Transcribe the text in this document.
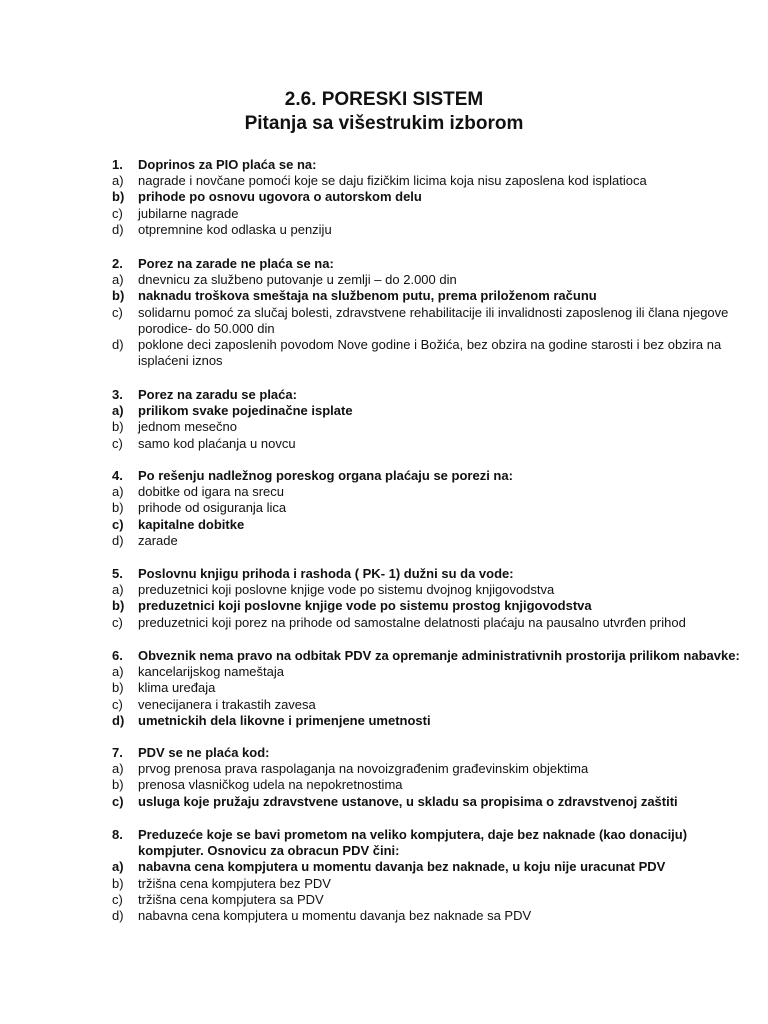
2.6. PORESKI SISTEM
Pitanja sa višestrukim izborom
1.	Doprinos za PIO plaća se na:
a)	nagrade i novčane pomoći koje se daju fizičkim licima koja nisu zaposlena kod isplatioca
b)	prihode po osnovu ugovora o autorskom delu
c)	jubilarne nagrade
d)	otpremnine kod odlaska u penziju
2.	Porez na zarade ne plaća se na:
a)	dnevnicu za službeno putovanje u zemlji – do 2.000 din
b)	naknadu troškova smeštaja na službenom putu, prema priloženom računu
c)	solidarnu pomoć za slučaj bolesti, zdravstvene rehabilitacije ili invalidnosti zaposlenog ili člana njegove porodice- do 50.000 din
d)	poklone deci zaposlenih povodom Nove godine i Božića, bez obzira na godine starosti i bez obzira na isplaćeni iznos
3.	Porez na zaradu se plaća:
a)	prilikom svake pojedinačne isplate
b)	jednom mesečno
c)	samo kod plaćanja u novcu
4.	Po rešenju nadležnog poreskog organa plaćaju se porezi na:
a)	dobitke od igara na srecu
b)	prihode od osiguranja lica
c)	kapitalne dobitke
d)	zarade
5.	Poslovnu knjigu prihoda i rashoda ( PK- 1) dužni su da vode:
a)	preduzetnici koji poslovne knjige vode po sistemu dvojnog knjigovodstva
b)	preduzetnici koji poslovne knjige vode po sistemu prostog knjigovodstva
c)	preduzetnici koji porez na prihode od samostalne delatnosti plaćaju na pausalno utvrđen prihod
6.	Obveznik nema pravo na odbitak PDV za opremanje administrativnih prostorija prilikom nabavke:
a)	kancelarijskog nameštaja
b)	klima uređaja
c)	venecijanera i trakastih zavesa
d)	umetnickih dela likovne i primenjene umetnosti
7.	PDV se ne plaća kod:
a)	prvog prenosa prava raspolaganja na novoizgrađenim građevinskim objektima
b)	prenosa vlasničkog udela na nepokretnostima
c)	usluga koje pružaju zdravstvene ustanove, u skladu sa propisima o zdravstvenoj zaštiti
8.	Preduzeće koje se bavi prometom na veliko kompjutera, daje bez naknade (kao donaciju) kompjuter. Osnovicu za obracun PDV čini:
a)	nabavna cena kompjutera u momentu davanja bez naknade, u koju nije uracunat PDV
b)	tržišna cena kompjutera bez PDV
c)	tržišna cena kompjutera sa PDV
d)	nabavna cena kompjutera u momentu davanja bez naknade sa PDV
